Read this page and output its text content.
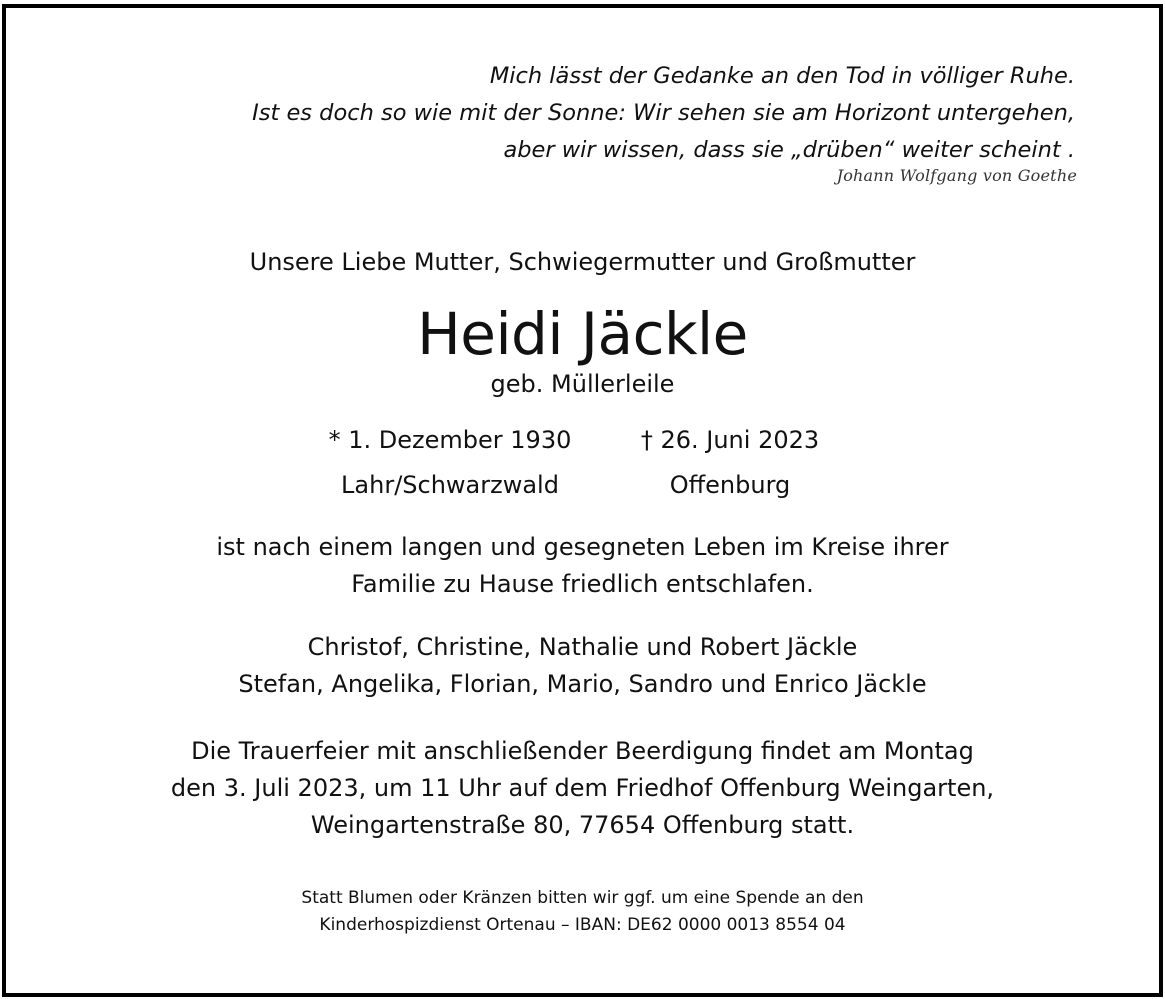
Mich lässt der Gedanke an den Tod in völliger Ruhe.
Ist es doch so wie mit der Sonne: Wir sehen sie am Horizont untergehen,
aber wir wissen, dass sie „drüben“ weiter scheint .
Johann Wolfgang von Goethe
Unsere Liebe Mutter, Schwiegermutter und Großmutter
Heidi Jäckle
geb. Müllerleile
* 1. Dezember 1930
Lahr/Schwarzwald
† 26. Juni 2023
Offenburg
ist nach einem langen und gesegneten Leben im Kreise ihrer
Familie zu Hause friedlich entschlafen.
Christof, Christine, Nathalie und Robert Jäckle
Stefan, Angelika, Florian, Mario, Sandro und Enrico Jäckle
Die Trauerfeier mit anschließender Beerdigung findet am Montag
den 3. Juli 2023, um 11 Uhr auf dem Friedhof Offenburg Weingarten,
Weingartenstraße 80, 77654 Offenburg statt.
Statt Blumen oder Kränzen bitten wir ggf. um eine Spende an den
Kinderhospizdienst Ortenau – IBAN: DE62 0000 0013 8554 04
